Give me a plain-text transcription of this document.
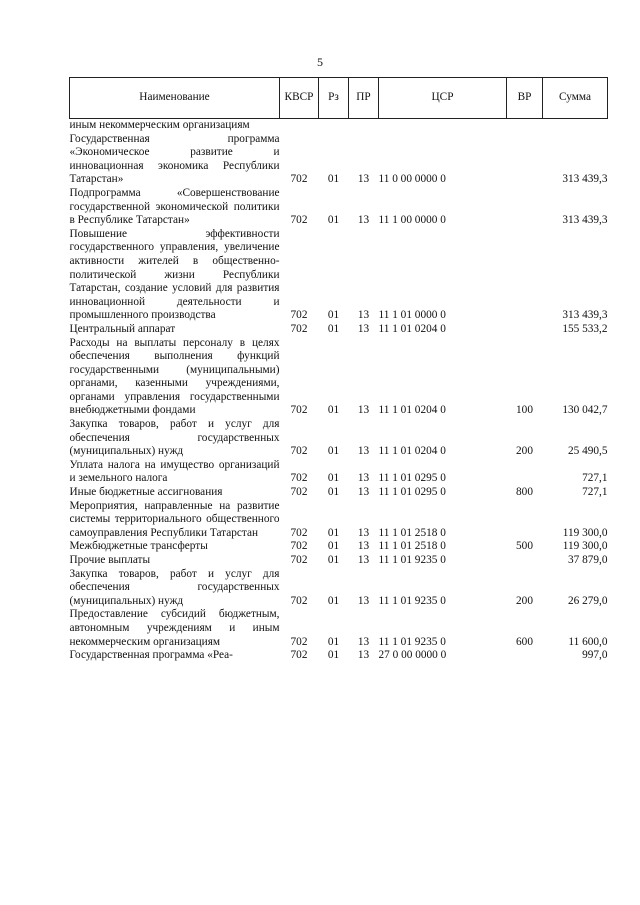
5
Наименование	КВСР	Рз	ПР	ЦСР	ВР	Сумма
иным некоммерческим организациям						
Государственная программа «Экономическое развитие и инновационная экономика Республики Татарстан»	702	01	13	11 0 00 0000 0		313 439,3
Подпрограмма «Совершенствование государственной экономической политики в Республике Татарстан»	702	01	13	11 1 00 0000 0		313 439,3
Повышение эффективности государственного управления, увеличение активности жителей в общественно-политической жизни Республики Татарстан, создание условий для развития инновационной деятельности и промышленного производства	702	01	13	11 1 01 0000 0		313 439,3
Центральный аппарат	702	01	13	11 1 01 0204 0		155 533,2
Расходы на выплаты персоналу в целях обеспечения выполнения функций государственными (муниципальными) органами, казенными учреждениями, органами управления государственными внебюджетными фондами	702	01	13	11 1 01 0204 0	100	130 042,7
Закупка товаров, работ и услуг для обеспечения государственных (муниципальных) нужд	702	01	13	11 1 01 0204 0	200	25 490,5
Уплата налога на имущество организаций и земельного налога	702	01	13	11 1 01 0295 0		727,1
Иные бюджетные ассигнования	702	01	13	11 1 01 0295 0	800	727,1
Мероприятия, направленные на развитие системы территориального общественного самоуправления Республики Татарстан	702	01	13	11 1 01 2518 0		119 300,0
Межбюджетные трансферты	702	01	13	11 1 01 2518 0	500	119 300,0
Прочие выплаты	702	01	13	11 1 01 9235 0		37 879,0
Закупка товаров, работ и услуг для обеспечения государственных (муниципальных) нужд	702	01	13	11 1 01 9235 0	200	26 279,0
Предоставление субсидий бюджетным, автономным учреждениям и иным некоммерческим организациям	702	01	13	11 1 01 9235 0	600	11 600,0
Государственная программа «Реа-	702	01	13	27 0 00 0000 0		997,0
